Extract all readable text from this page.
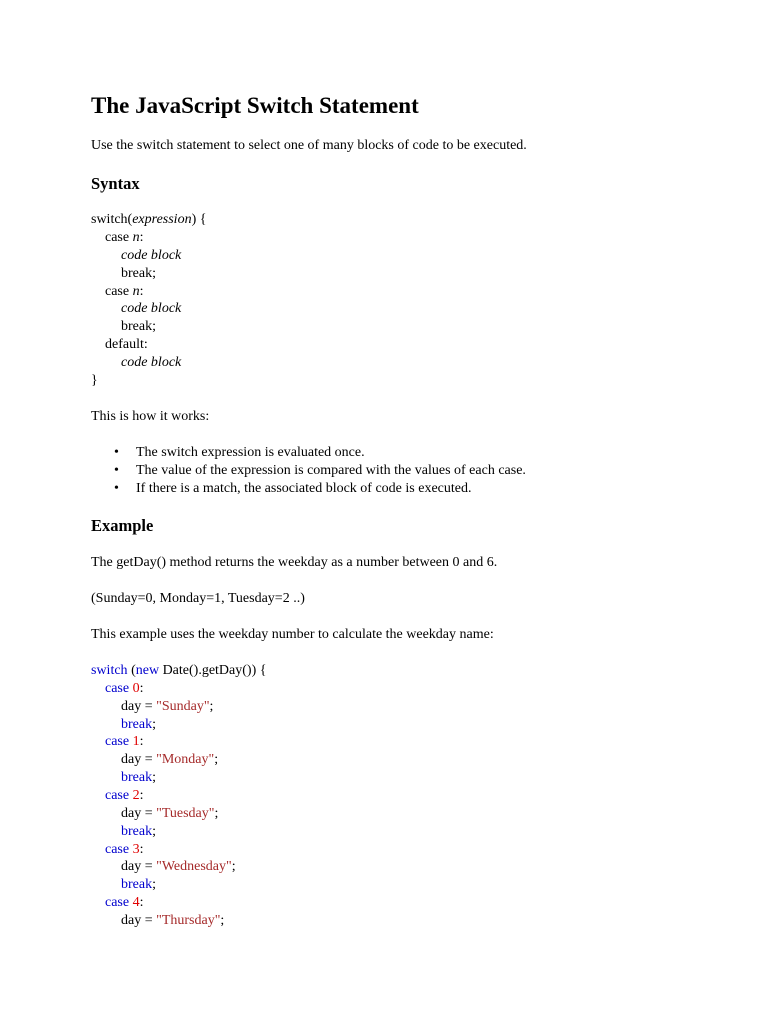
The JavaScript Switch Statement

Use the switch statement to select one of many blocks of code to be executed.

Syntax
switch(expression) {
case n:
code block
break;
case n:
code block
break;
default:
code block
}

This is how it works:

• The switch expression is evaluated once.
• The value of the expression is compared with the values of each case.
• If there is a match, the associated block of code is executed.
Example

The getDay() method returns the weekday as a number between 0 and 6.

(Sunday=0, Monday=1, Tuesday=2 ..)

This example uses the weekday number to calculate the weekday name:

switch (new Date().getDay()) {
case 0:
day = "Sunday";
break;
case 1:
day = "Monday";
break;
case 2:
day = "Tuesday";
break;
case 3:
day = "Wednesday";
break;
case 4:
day = "Thursday";
